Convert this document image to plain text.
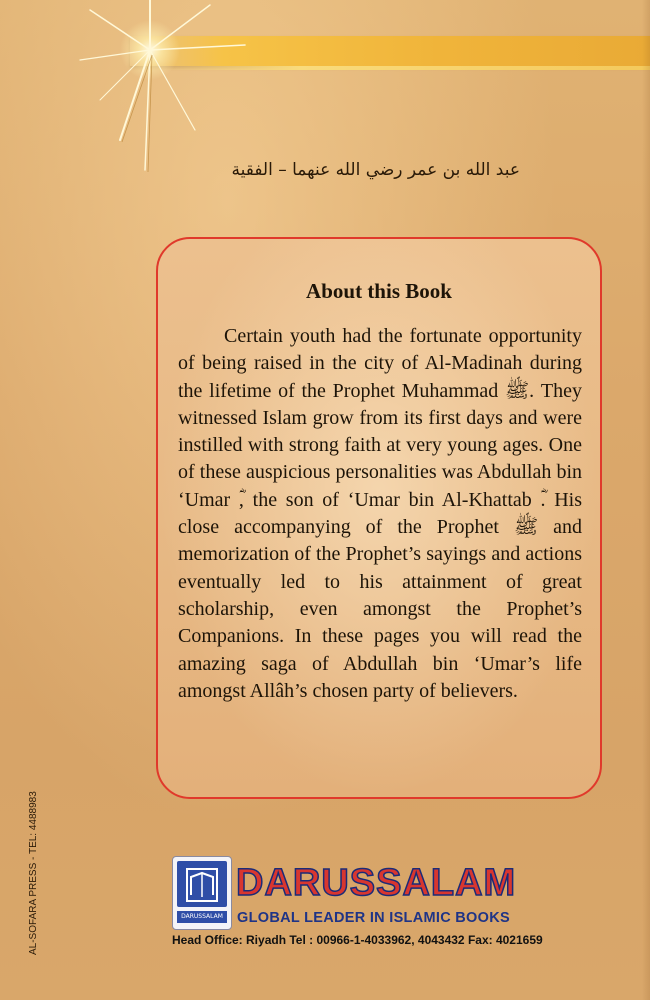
عبد الله بن عمر رضي الله عنهما – الفقية
About this Book

Certain youth had the fortunate opportunity of being raised in the city of Al-Madinah during the lifetime of the Prophet Muhammad ﷺ. They witnessed Islam grow from its first days and were instilled with strong faith at very young ages. One of these auspicious personalities was Abdullah bin ‘Umar ؓ, the son of ‘Umar bin Al-Khattab ؓ. His close accompanying of the Prophet ﷺ and memorization of the Prophet’s sayings and actions eventually led to his attainment of great scholarship, even amongst the Prophet’s Companions. In these pages you will read the amazing saga of Abdullah bin ‘Umar’s life amongst Allâh’s chosen party of believers.

AL-SOFARA PRESS - TEL: 4488983	DARUSSALAM
DARUSSALAM
GLOBAL LEADER IN ISLAMIC BOOKS
Head Office: Riyadh Tel : 00966-1-4033962, 4043432 Fax: 4021659
